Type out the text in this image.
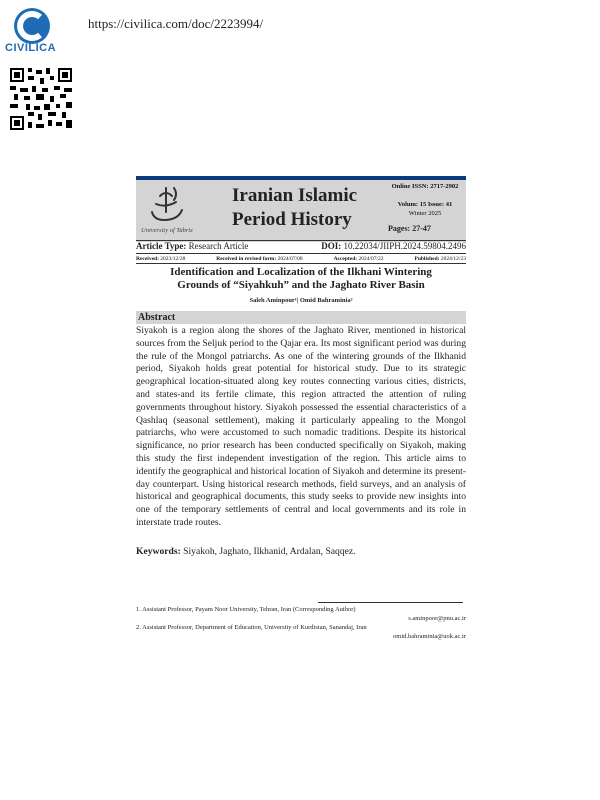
CIVILICA
https://civilica.com/doc/2223994/
University of Tabriz
Iranian Islamic
Period History
Online ISSN: 2717-2902
Volum: 15 Issue: 41
Winter 2025
Pages: 27-47
Article Type: Research Article	DOI: 10.22034/JIIPH.2024.59804.2496
Received: 2023/12/28	Received in revised form: 2024/07/08	Accepted: 2024/07/22	Published: 2024/12/23
Identification and Localization of the Ilkhani Wintering
Grounds of “Siyahkuh” and the Jaghato River Basin
Saleh Aminpour¹| Omid Bahraminia²
Abstract
Siyakoh is a region along the shores of the Jaghato River, mentioned in historical sources from the Seljuk period to the Qajar era. Its most significant period was during the rule of the Mongol patriarchs. As one of the wintering grounds of the Ilkhanid period, Siyakoh holds great potential for historical study. Due to its strategic geographical location-situated along key routes connecting various cities, districts, and states-and its fertile climate, this region attracted the attention of ruling governments throughout history. Siyakoh possessed the essential characteristics of a Qashlaq (seasonal settlement), making it particularly appealing to the Mongol patriarchs, who were accustomed to such nomadic traditions. Despite its historical significance, no prior research has been conducted specifically on Siyakoh, making this study the first independent investigation of the region. This article aims to identify the geographical and historical location of Siyakoh and determine its present-day counterpart. Using historical research methods, field surveys, and an analysis of historical and geographical documents, this study seeks to provide new insights into one of the temporary settlements of central and local governments and its role in interstate trade routes.
Keywords: Siyakoh, Jaghato, Ilkhanid, Ardalan, Saqqez.
1. Assistant Professor, Payam Noor University, Tehran, Iran (Corresponding Author)
s.aminpoor@pnu.ac.ir
2. Assistant Professor, Department of Education, University of Kurdistan, Sanandaj, Iran
omid.bahraminia@uok.ac.ir
